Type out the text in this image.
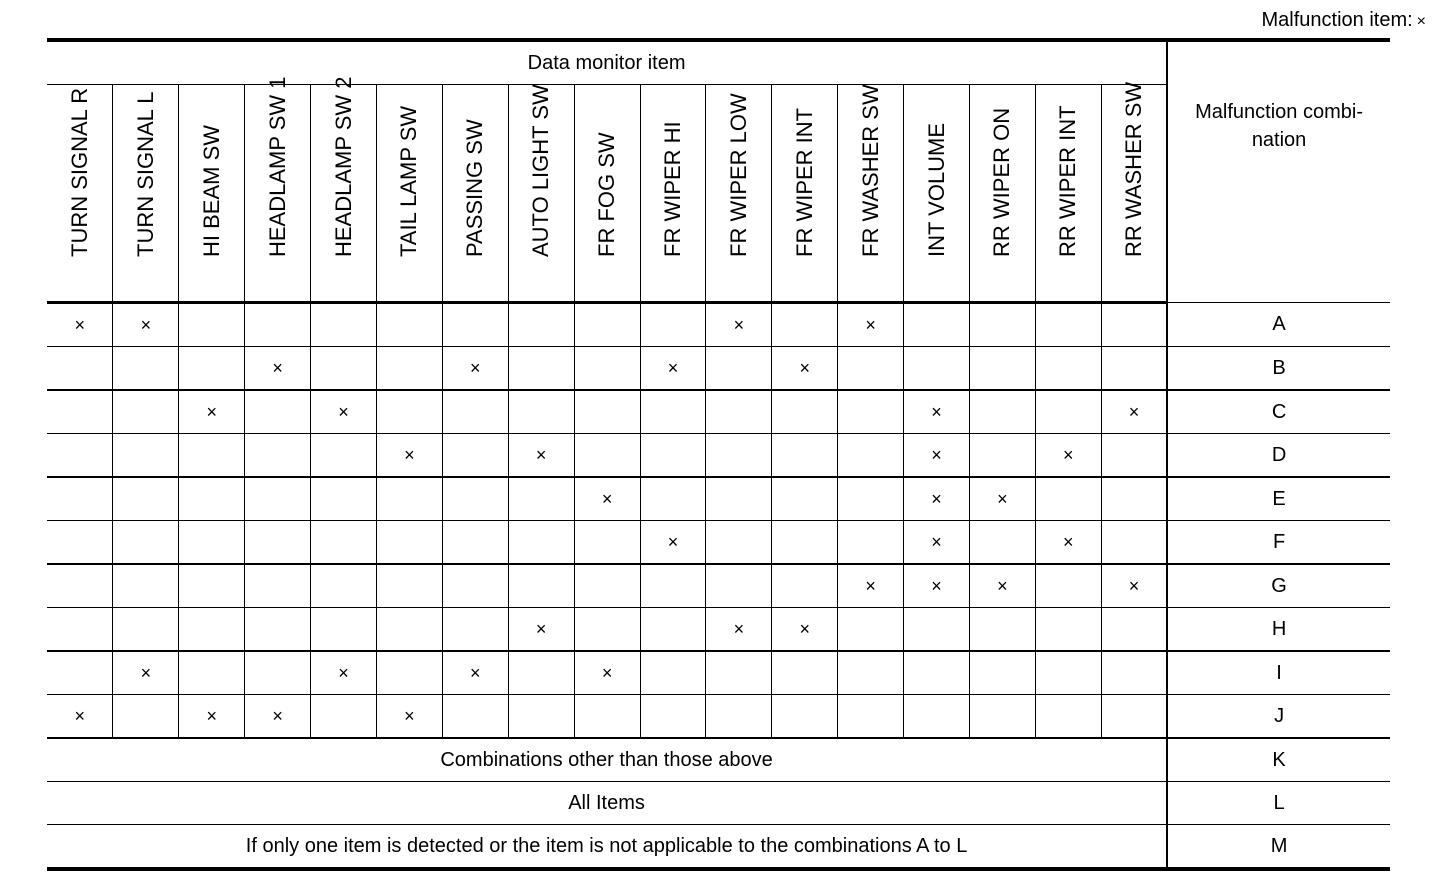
Malfunction item: ×
Data monitor item																	Malfunction combi-
nation

TURN SIGNAL R	TURN SIGNAL L	HI BEAM SW	HEADLAMP SW 1	HEADLAMP SW 2	TAIL LAMP SW	PASSING SW	AUTO LIGHT SW	FR FOG SW	FR WIPER HI	FR WIPER LOW	FR WIPER INT	FR WASHER SW	INT VOLUME	RR WIPER ON	RR WIPER INT	RR WASHER SW	

×	×									×		×					A
			×			×			×		×						B
		×		×									×			×	C
					×		×						×		×		D
								×					×	×			E
									×				×		×		F
												×	×	×		×	G
							×			×	×						H
	×			×		×		×									I
×		×	×		×												J
Combinations other than those above																	K
All Items																	L
If only one item is detected or the item is not applicable to the combinations A to L																	M
